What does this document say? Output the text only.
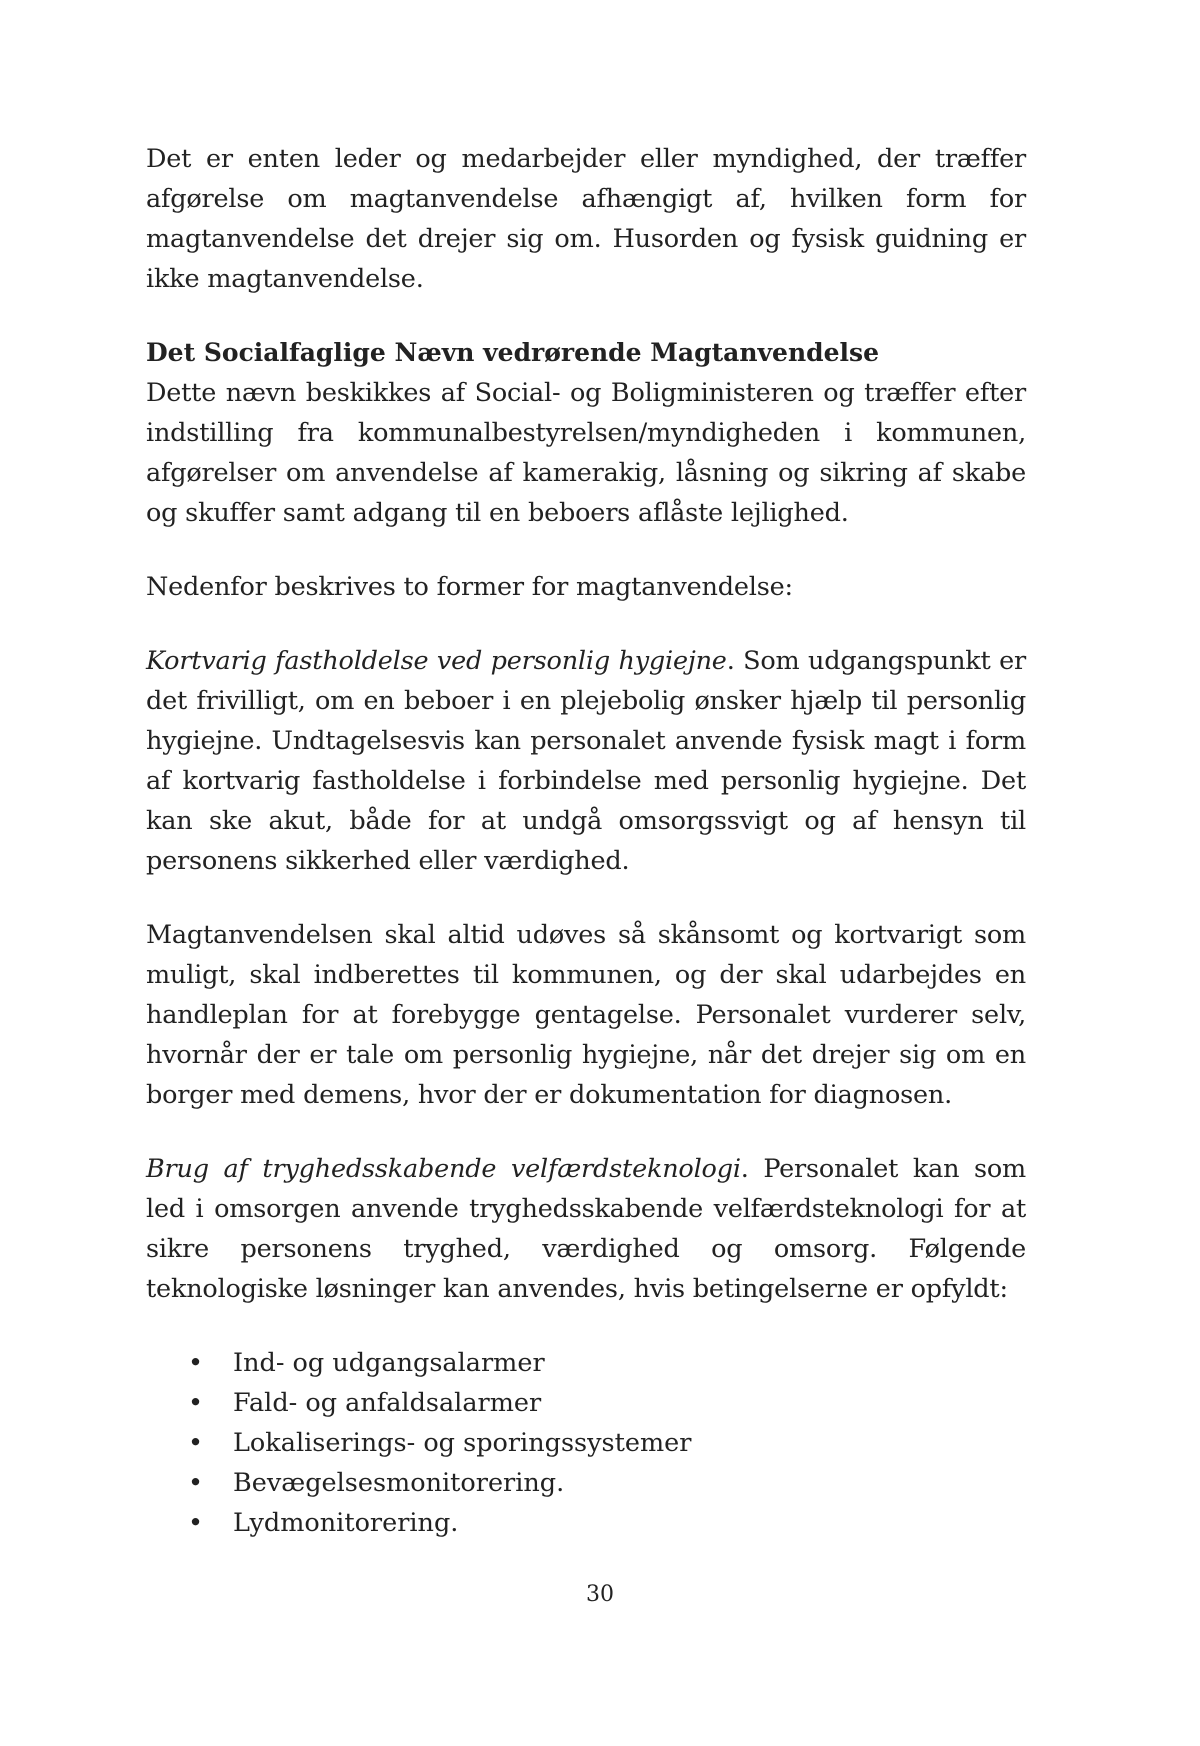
Det er enten leder og medarbejder eller myndighed, der træffer afgørelse om magtanvendelse afhængigt af, hvilken form for magtanvendelse det drejer sig om. Husorden og fysisk guidning er ikke magtanvendelse.

Det Socialfaglige Nævn vedrørende Magtanvendelse

Dette nævn beskikkes af Social- og Boligministeren og træffer efter indstilling fra kommunalbestyrelsen/myndigheden i kommunen, afgørelser om anvendelse af kamerakig, låsning og sikring af skabe og skuffer samt adgang til en beboers aflåste lejlighed.

Nedenfor beskrives to former for magtanvendelse:

Kortvarig fastholdelse ved personlig hygiejne. Som udgangspunkt er det frivilligt, om en beboer i en plejebolig ønsker hjælp til personlig hygiejne. Undtagelsesvis kan personalet anvende fysisk magt i form af kortvarig fastholdelse i forbindelse med personlig hygiejne. Det kan ske akut, både for at undgå omsorgssvigt og af hensyn til personens sikkerhed eller værdighed.

Magtanvendelsen skal altid udøves så skånsomt og kortvarigt som muligt, skal indberettes til kommunen, og der skal udarbejdes en handleplan for at forebygge gentagelse. Personalet vurderer selv, hvornår der er tale om personlig hygiejne, når det drejer sig om en borger med demens, hvor der er dokumentation for diagnosen.

Brug af tryghedsskabende velfærdsteknologi. Personalet kan som led i omsorgen anvende tryghedsskabende velfærdsteknologi for at sikre personens tryghed, værdighed og omsorg. Følgende teknologiske løsninger kan anvendes, hvis betingelserne er opfyldt:

• Ind- og udgangsalarmer
• Fald- og anfaldsalarmer
• Lokaliserings- og sporingssystemer
• Bevægelsesmonitorering.
• Lydmonitorering.
30
